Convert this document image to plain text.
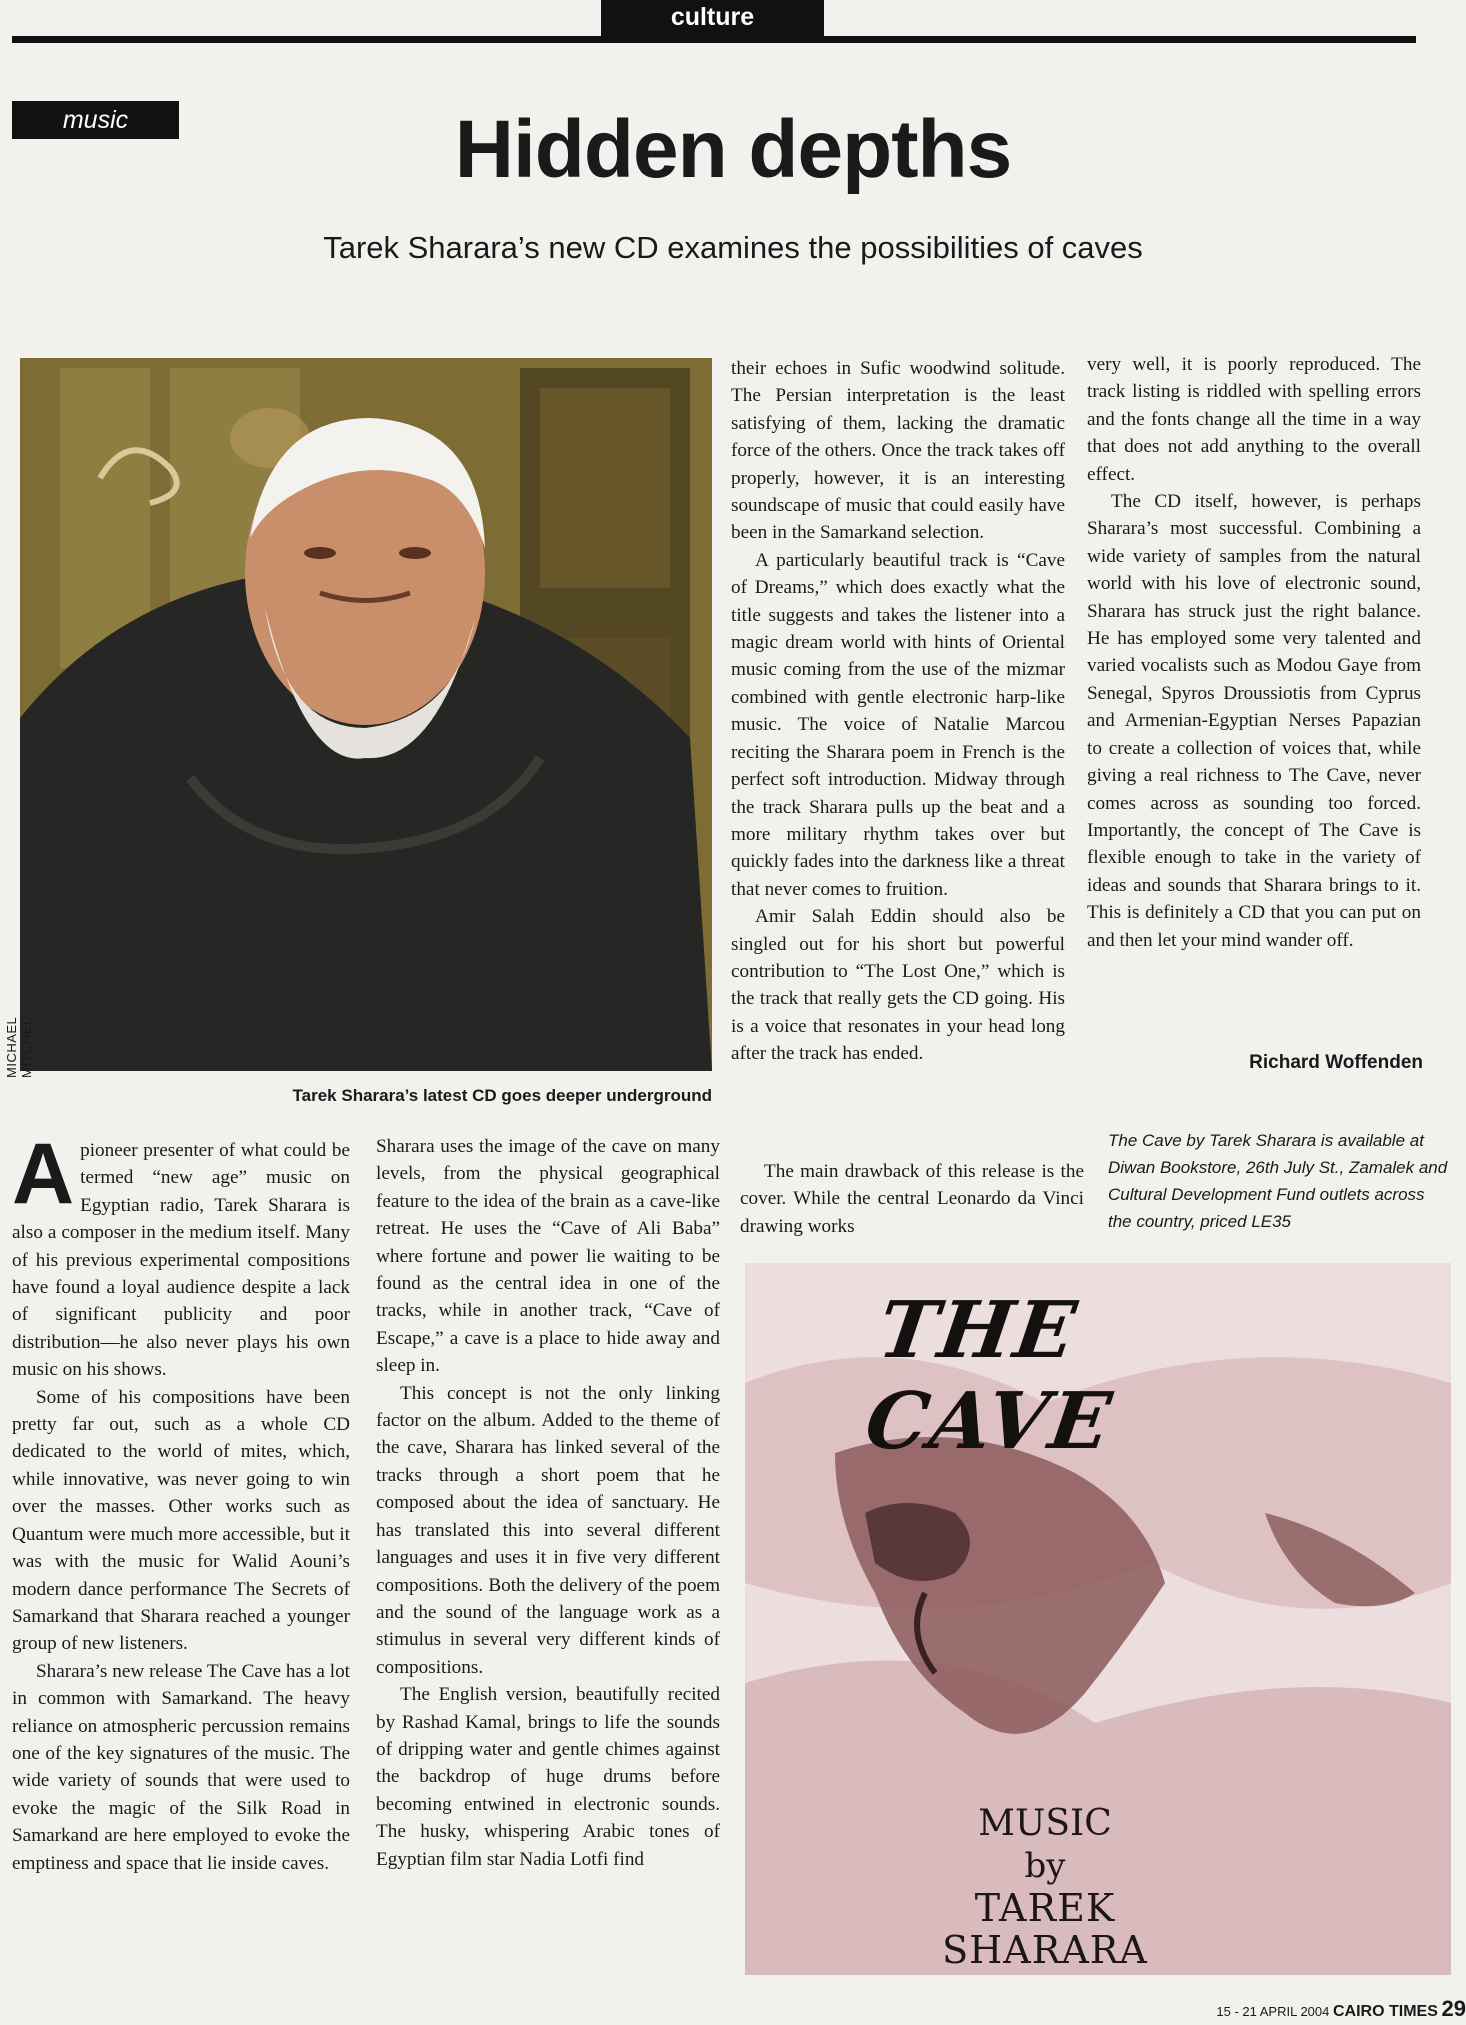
culture
music	Hidden depths
Tarek Sharara’s new CD examines the possibilities of caves
MICHAEL MITCHEL
Tarek Sharara’s latest CD goes deeper underground

Apioneer presenter of what could be termed “new age” music on Egyptian radio, Tarek Sharara is also a composer in the medium itself. Many of his previous experimental compositions have found a loyal audience despite a lack of significant publicity and poor distribution—he also never plays his own music on his shows.

Some of his compositions have been pretty far out, such as a whole CD dedicated to the world of mites, which, while innovative, was never going to win over the masses. Other works such as Quantum were much more accessible, but it was with the music for Walid Aouni’s modern dance performance The Secrets of Samarkand that Sharara reached a younger group of new listeners.

Sharara’s new release The Cave has a lot in common with Samarkand. The heavy reliance on atmospheric percussion remains one of the key signatures of the music. The wide variety of sounds that were used to evoke the magic of the Silk Road in Samarkand are here employed to evoke the emptiness and space that lie inside caves.

Sharara uses the image of the cave on many levels, from the physical geographical feature to the idea of the brain as a cave-like retreat. He uses the “Cave of Ali Baba” where fortune and power lie waiting to be found as the central idea in one of the tracks, while in another track, “Cave of Escape,” a cave is a place to hide away and sleep in.

This concept is not the only linking factor on the album. Added to the theme of the cave, Sharara has linked several of the tracks through a short poem that he composed about the idea of sanctuary. He has translated this into several different languages and uses it in five very different compositions. Both the delivery of the poem and the sound of the language work as a stimulus in several very different kinds of compositions.

The English version, beautifully recited by Rashad Kamal, brings to life the sounds of dripping water and gentle chimes against the backdrop of huge drums before becoming entwined in electronic sounds. The husky, whispering Arabic tones of Egyptian film star Nadia Lotfi find

their echoes in Sufic woodwind solitude. The Persian interpretation is the least satisfying of them, lacking the dramatic force of the others. Once the track takes off properly, however, it is an interesting soundscape of music that could easily have been in the Samarkand selection.

A particularly beautiful track is “Cave of Dreams,” which does exactly what the title suggests and takes the listener into a magic dream world with hints of Oriental music coming from the use of the mizmar combined with gentle electronic harp-like music. The voice of Natalie Marcou reciting the Sharara poem in French is the perfect soft introduction. Midway through the track Sharara pulls up the beat and a more military rhythm takes over but quickly fades into the darkness like a threat that never comes to fruition.

Amir Salah Eddin should also be singled out for his short but powerful contribution to “The Lost One,” which is the track that really gets the CD going. His is a voice that resonates in your head long after the track has ended.

The main drawback of this release is the cover. While the central Leonardo da Vinci drawing works

very well, it is poorly reproduced. The track listing is riddled with spelling errors and the fonts change all the time in a way that does not add anything to the overall effect.

The CD itself, however, is perhaps Sharara’s most successful. Combining a wide variety of samples from the natural world with his love of electronic sound, Sharara has struck just the right balance. He has employed some very talented and varied vocalists such as Modou Gaye from Senegal, Spyros Droussiotis from Cyprus and Armenian-Egyptian Nerses Papazian to create a collection of voices that, while giving a real richness to The Cave, never comes across as sounding too forced. Importantly, the concept of The Cave is flexible enough to take in the variety of ideas and sounds that Sharara brings to it. This is definitely a CD that you can put on and then let your mind wander off.

Richard Woffenden
The Cave by Tarek Sharara is available at Diwan Bookstore, 26th July St., Zamalek and Cultural Development Fund outlets across the country, priced LE35
THE CAVE
MUSIC
by
TAREK SHARARA
15 - 21 APRIL 2004 CAIRO TIMES 29
